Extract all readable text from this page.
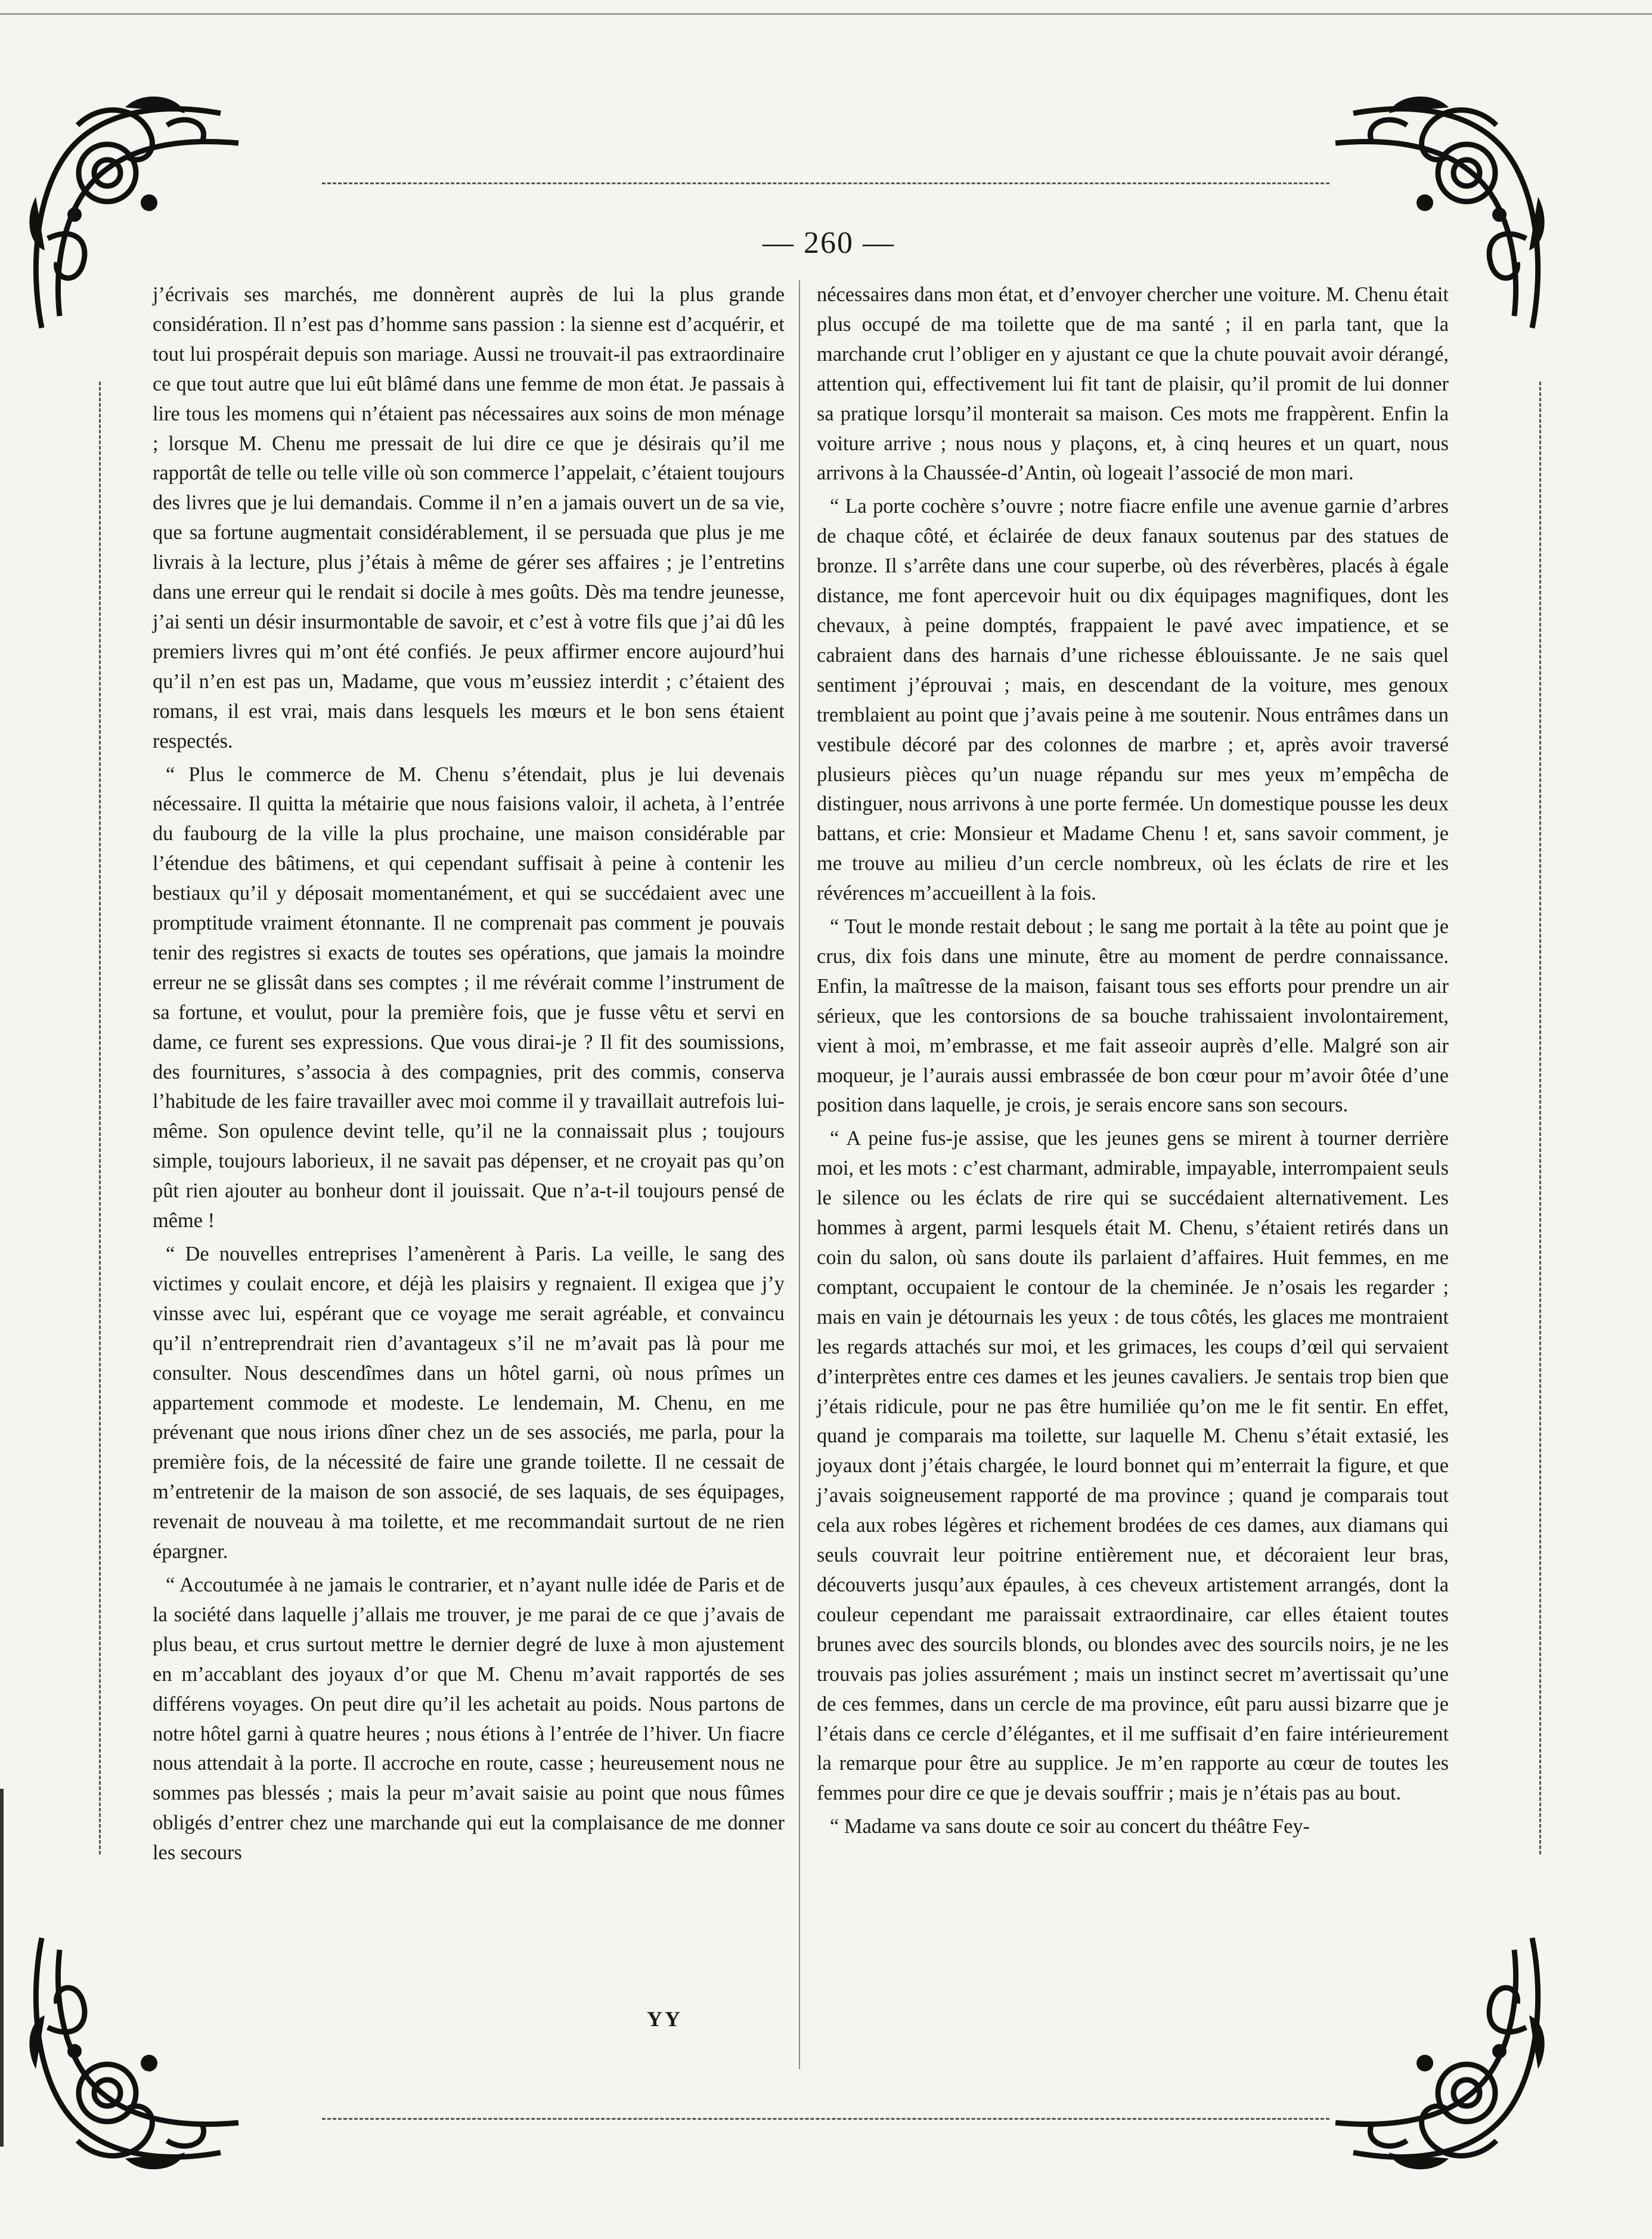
— 260 —

j’écrivais ses marchés, me donnèrent auprès de lui la plus grande considération. Il n’est pas d’homme sans passion : la sienne est d’acquérir, et tout lui prospérait depuis son mariage. Aussi ne trouvait-il pas extraordinaire ce que tout autre que lui eût blâmé dans une femme de mon état. Je passais à lire tous les momens qui n’étaient pas nécessaires aux soins de mon ménage ; lorsque M. Chenu me pressait de lui dire ce que je désirais qu’il me rapportât de telle ou telle ville où son commerce l’appelait, c’étaient toujours des livres que je lui demandais. Comme il n’en a jamais ouvert un de sa vie, que sa fortune augmentait considérablement, il se persuada que plus je me livrais à la lecture, plus j’étais à même de gérer ses affaires ; je l’entretins dans une erreur qui le rendait si docile à mes goûts. Dès ma tendre jeunesse, j’ai senti un désir insurmontable de savoir, et c’est à votre fils que j’ai dû les premiers livres qui m’ont été confiés. Je peux affirmer encore aujourd’hui qu’il n’en est pas un, Madame, que vous m’eussiez interdit ; c’étaient des romans, il est vrai, mais dans lesquels les mœurs et le bon sens étaient respectés.

“ Plus le commerce de M. Chenu s’étendait, plus je lui devenais nécessaire. Il quitta la métairie que nous faisions valoir, il acheta, à l’entrée du faubourg de la ville la plus prochaine, une maison considérable par l’étendue des bâtimens, et qui cependant suffisait à peine à contenir les bestiaux qu’il y déposait momentanément, et qui se succédaient avec une promptitude vraiment étonnante. Il ne comprenait pas comment je pouvais tenir des registres si exacts de toutes ses opérations, que jamais la moindre erreur ne se glissât dans ses comptes ; il me révérait comme l’instrument de sa fortune, et voulut, pour la première fois, que je fusse vêtu et servi en dame, ce furent ses expressions. Que vous dirai-je ? Il fit des soumissions, des fournitures, s’associa à des compagnies, prit des commis, conserva l’habitude de les faire travailler avec moi comme il y travaillait autrefois lui-même. Son opulence devint telle, qu’il ne la connaissait plus ; toujours simple, toujours laborieux, il ne savait pas dépenser, et ne croyait pas qu’on pût rien ajouter au bonheur dont il jouissait. Que n’a-t-il toujours pensé de même !

“ De nouvelles entreprises l’amenèrent à Paris. La veille, le sang des victimes y coulait encore, et déjà les plaisirs y regnaient. Il exigea que j’y vinsse avec lui, espérant que ce voyage me serait agréable, et convaincu qu’il n’entreprendrait rien d’avantageux s’il ne m’avait pas là pour me consulter. Nous descendîmes dans un hôtel garni, où nous prîmes un appartement commode et modeste. Le lendemain, M. Chenu, en me prévenant que nous irions dîner chez un de ses associés, me parla, pour la première fois, de la nécessité de faire une grande toilette. Il ne cessait de m’entretenir de la maison de son associé, de ses laquais, de ses équipages, revenait de nouveau à ma toilette, et me recommandait surtout de ne rien épargner.

“ Accoutumée à ne jamais le contrarier, et n’ayant nulle idée de Paris et de la société dans laquelle j’allais me trouver, je me parai de ce que j’avais de plus beau, et crus surtout mettre le dernier degré de luxe à mon ajustement en m’accablant des joyaux d’or que M. Chenu m’avait rapportés de ses différens voyages. On peut dire qu’il les achetait au poids. Nous partons de notre hôtel garni à quatre heures ; nous étions à l’entrée de l’hiver. Un fiacre nous attendait à la porte. Il accroche en route, casse ; heureusement nous ne sommes pas blessés ; mais la peur m’avait saisie au point que nous fûmes obligés d’entrer chez une marchande qui eut la complaisance de me donner les secours

nécessaires dans mon état, et d’envoyer chercher une voiture. M. Chenu était plus occupé de ma toilette que de ma santé ; il en parla tant, que la marchande crut l’obliger en y ajustant ce que la chute pouvait avoir dérangé, attention qui, effectivement lui fit tant de plaisir, qu’il promit de lui donner sa pratique lorsqu’il monterait sa maison. Ces mots me frappèrent. Enfin la voiture arrive ; nous nous y plaçons, et, à cinq heures et un quart, nous arrivons à la Chaussée-d’Antin, où logeait l’associé de mon mari.

“ La porte cochère s’ouvre ; notre fiacre enfile une avenue garnie d’arbres de chaque côté, et éclairée de deux fanaux soutenus par des statues de bronze. Il s’arrête dans une cour superbe, où des réverbères, placés à égale distance, me font apercevoir huit ou dix équipages magnifiques, dont les chevaux, à peine domptés, frappaient le pavé avec impatience, et se cabraient dans des harnais d’une richesse éblouissante. Je ne sais quel sentiment j’éprouvai ; mais, en descendant de la voiture, mes genoux tremblaient au point que j’avais peine à me soutenir. Nous entrâmes dans un vestibule décoré par des colonnes de marbre ; et, après avoir traversé plusieurs pièces qu’un nuage répandu sur mes yeux m’empêcha de distinguer, nous arrivons à une porte fermée. Un domestique pousse les deux battans, et crie: Monsieur et Madame Chenu ! et, sans savoir comment, je me trouve au milieu d’un cercle nombreux, où les éclats de rire et les révérences m’accueillent à la fois.

“ Tout le monde restait debout ; le sang me portait à la tête au point que je crus, dix fois dans une minute, être au moment de perdre connaissance. Enfin, la maîtresse de la maison, faisant tous ses efforts pour prendre un air sérieux, que les contorsions de sa bouche trahissaient involontairement, vient à moi, m’embrasse, et me fait asseoir auprès d’elle. Malgré son air moqueur, je l’aurais aussi embrassée de bon cœur pour m’avoir ôtée d’une position dans laquelle, je crois, je serais encore sans son secours.

“ A peine fus-je assise, que les jeunes gens se mirent à tourner derrière moi, et les mots : c’est charmant, admirable, impayable, interrompaient seuls le silence ou les éclats de rire qui se succédaient alternativement. Les hommes à argent, parmi lesquels était M. Chenu, s’étaient retirés dans un coin du salon, où sans doute ils parlaient d’affaires. Huit femmes, en me comptant, occupaient le contour de la cheminée. Je n’osais les regarder ; mais en vain je détournais les yeux : de tous côtés, les glaces me montraient les regards attachés sur moi, et les grimaces, les coups d’œil qui servaient d’interprètes entre ces dames et les jeunes cavaliers. Je sentais trop bien que j’étais ridicule, pour ne pas être humiliée qu’on me le fit sentir. En effet, quand je comparais ma toilette, sur laquelle M. Chenu s’était extasié, les joyaux dont j’étais chargée, le lourd bonnet qui m’enterrait la figure, et que j’avais soigneusement rapporté de ma province ; quand je comparais tout cela aux robes légères et richement brodées de ces dames, aux diamans qui seuls couvrait leur poitrine entièrement nue, et décoraient leur bras, découverts jusqu’aux épaules, à ces cheveux artistement arrangés, dont la couleur cependant me paraissait extraordinaire, car elles étaient toutes brunes avec des sourcils blonds, ou blondes avec des sourcils noirs, je ne les trouvais pas jolies assurément ; mais un instinct secret m’avertissait qu’une de ces femmes, dans un cercle de ma province, eût paru aussi bizarre que je l’étais dans ce cercle d’élégantes, et il me suffisait d’en faire intérieurement la remarque pour être au supplice. Je m’en rapporte au cœur de toutes les femmes pour dire ce que je devais souffrir ; mais je n’étais pas au bout.

“ Madame va sans doute ce soir au concert du théâtre Fey-

YY
